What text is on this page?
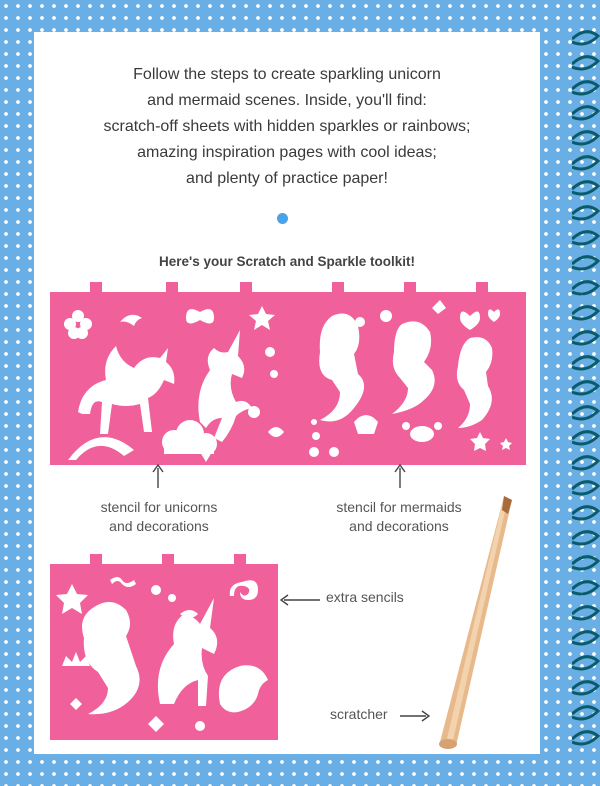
Follow the steps to create sparkling unicorn

and mermaid scenes. Inside, you'll find:

scratch-off sheets with hidden sparkles or rainbows;

amazing inspiration pages with cool ideas;

and plenty of practice paper!

Here's your Scratch and Sparkle toolkit!

stencil for unicorns

and decorations

stencil for mermaids

and decorations

extra sencils
scratcher
